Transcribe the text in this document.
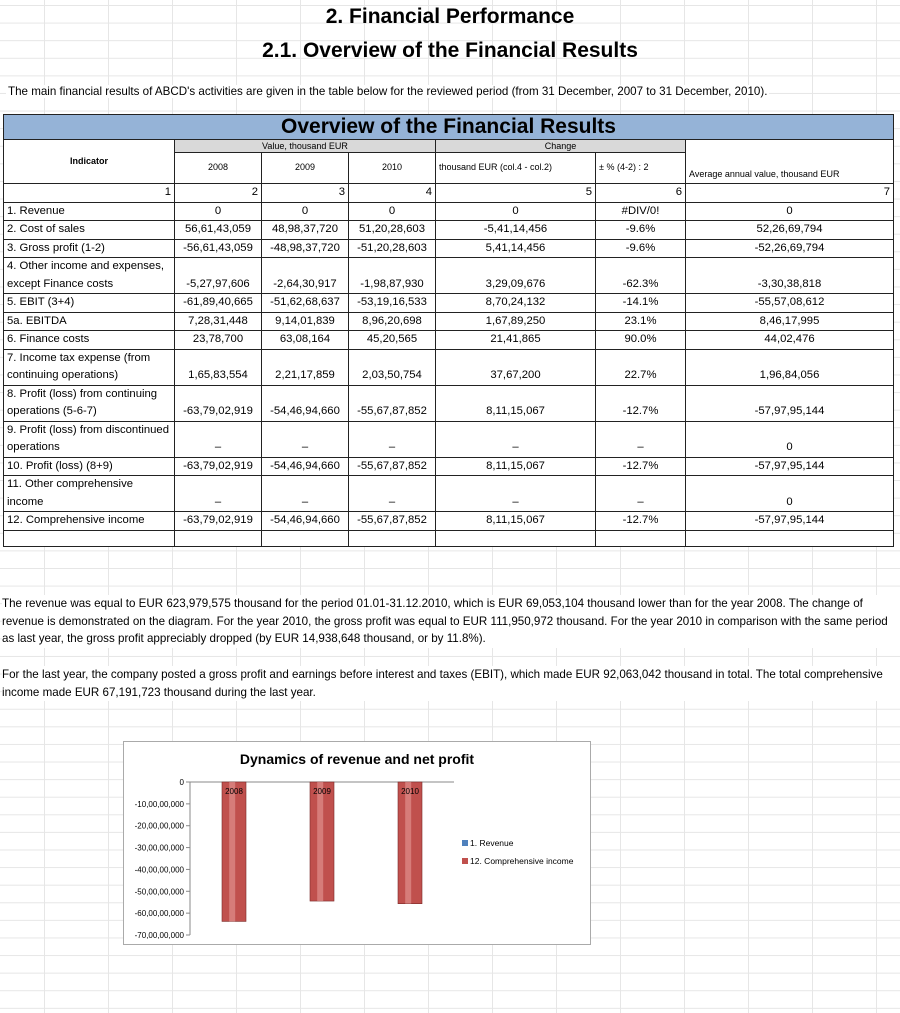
2. Financial Performance
2.1. Overview of the Financial Results
The main financial results of ABCD's activities are given in the table below for the reviewed period (from 31 December, 2007 to 31 December, 2010).
Overview of the Financial Results						
Indicator	Value, thousand EUR			Change		Average annual value, thousand EUR
	2008	2009	2010	thousand EUR (col.4 - col.2)	± % (4-2) : 2	
1	2	3	4	5	6	7
1. Revenue	0	0	0	0	#DIV/0!	0
2. Cost of sales	56,61,43,059	48,98,37,720	51,20,28,603	-5,41,14,456	-9.6%	52,26,69,794
3. Gross profit (1-2)	-56,61,43,059	-48,98,37,720	-51,20,28,603	5,41,14,456	-9.6%	-52,26,69,794
4. Other income and expenses, except Finance costs	-5,27,97,606	-2,64,30,917	-1,98,87,930	3,29,09,676	-62.3%	-3,30,38,818
5. EBIT (3+4)	-61,89,40,665	-51,62,68,637	-53,19,16,533	8,70,24,132	-14.1%	-55,57,08,612
5a. EBITDA	7,28,31,448	9,14,01,839	8,96,20,698	1,67,89,250	23.1%	8,46,17,995
6. Finance costs	23,78,700	63,08,164	45,20,565	21,41,865	90.0%	44,02,476
7. Income tax expense (from continuing operations)	1,65,83,554	2,21,17,859	2,03,50,754	37,67,200	22.7%	1,96,84,056
8. Profit (loss) from continuing operations (5-6-7)	-63,79,02,919	-54,46,94,660	-55,67,87,852	8,11,15,067	-12.7%	-57,97,95,144
9. Profit (loss) from discontinued operations	–	–	–	–	–	0
10. Profit (loss) (8+9)	-63,79,02,919	-54,46,94,660	-55,67,87,852	8,11,15,067	-12.7%	-57,97,95,144
11. Other comprehensive income	–	–	–	–	–	0
12. Comprehensive income	-63,79,02,919	-54,46,94,660	-55,67,87,852	8,11,15,067	-12.7%	-57,97,95,144

The revenue was equal to EUR 623,979,575 thousand for the period 01.01-31.12.2010, which is EUR 69,053,104 thousand lower than for the year 2008. The change of revenue is demonstrated on the diagram. For the year 2010, the gross profit was equal to EUR 111,950,972 thousand. For the year 2010 in comparison with the same period as last year, the gross profit appreciably dropped (by EUR 14,938,648 thousand, or by 11.8%).
For the last year, the company posted a gross profit and earnings before interest and taxes (EBIT), which made EUR 92,063,042 thousand in total. The total comprehensive income made EUR 67,191,723 thousand during the last year.
Dynamics of revenue and net profit
0
-10,00,00,000
-20,00,00,000
-30,00,00,000
-40,00,00,000
-50,00,00,000
-60,00,00,000
-70,00,00,000
2008	2009	2010
1. Revenue
12. Comprehensive income
